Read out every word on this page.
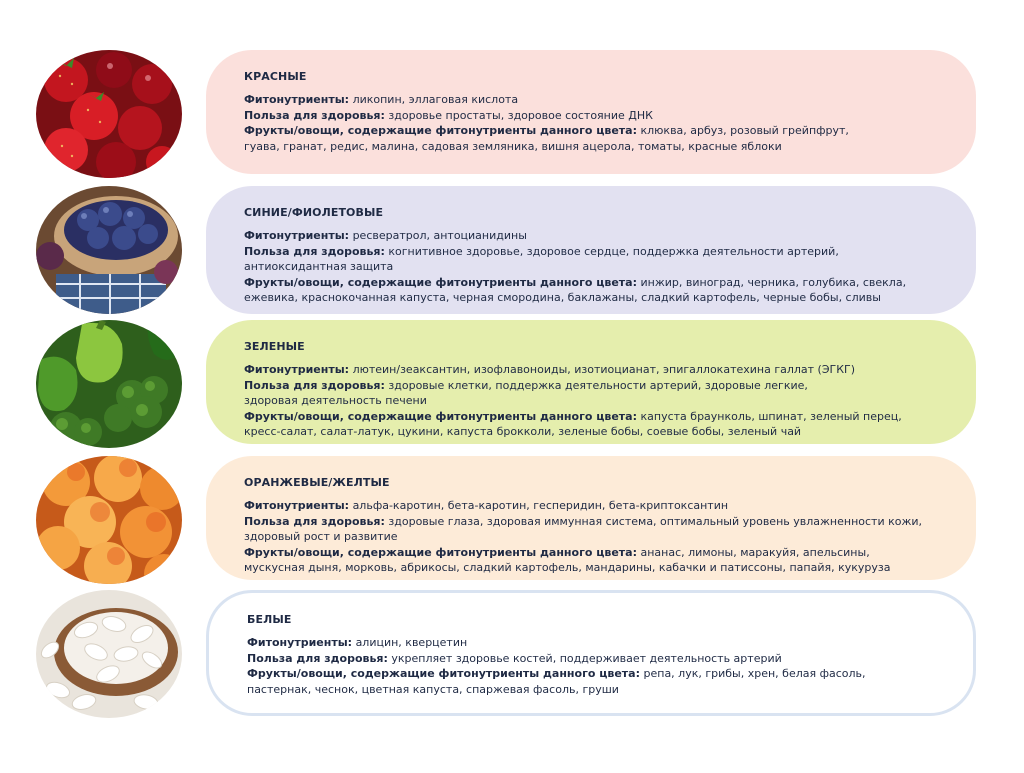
КРАСНЫЕ

Фитонутриенты: ликопин, эллаговая кислота

Польза для здоровья: здоровье простаты, здоровое состояние ДНК

Фрукты/овощи, содержащие фитонутриенты данного цвета: клюква, арбуз, розовый грейпфрут,

гуава, гранат, редис, малина, садовая земляника, вишня ацерола, томаты, красные яблоки

СИНИЕ/ФИОЛЕТОВЫЕ

Фитонутриенты: ресвератрол, антоцианидины

Польза для здоровья: когнитивное здоровье, здоровое сердце, поддержка деятельности артерий,

антиоксидантная защита

Фрукты/овощи, содержащие фитонутриенты данного цвета: инжир, виноград, черника, голубика, свекла,

ежевика, краснокочанная капуста, черная смородина, баклажаны, сладкий картофель, черные бобы, сливы

ЗЕЛЕНЫЕ

Фитонутриенты: лютеин/зеаксантин, изофлавоноиды, изотиоцианат, эпигаллокатехина галлат (ЭГКГ)

Польза для здоровья: здоровые клетки, поддержка деятельности артерий, здоровые легкие,

здоровая деятельность печени

Фрукты/овощи, содержащие фитонутриенты данного цвета: капуста браунколь, шпинат, зеленый перец,

кресс-салат, салат-латук, цукини, капуста брокколи, зеленые бобы, соевые бобы, зеленый чай

ОРАНЖЕВЫЕ/ЖЕЛТЫЕ

Фитонутриенты: альфа-каротин, бета-каротин, гесперидин, бета-криптоксантин

Польза для здоровья: здоровые глаза, здоровая иммунная система, оптимальный уровень увлажненности кожи,

здоровый рост и развитие

Фрукты/овощи, содержащие фитонутриенты данного цвета: ананас, лимоны, маракуйя, апельсины,

мускусная дыня, морковь, абрикосы, сладкий картофель, мандарины, кабачки и патиссоны, папайя, кукуруза

БЕЛЫЕ

Фитонутриенты: алицин, кверцетин

Польза для здоровья: укрепляет здоровье костей, поддерживает деятельность артерий

Фрукты/овощи, содержащие фитонутриенты данного цвета: репа, лук, грибы, хрен, белая фасоль,

пастернак, чеснок, цветная капуста, спаржевая фасоль, груши
